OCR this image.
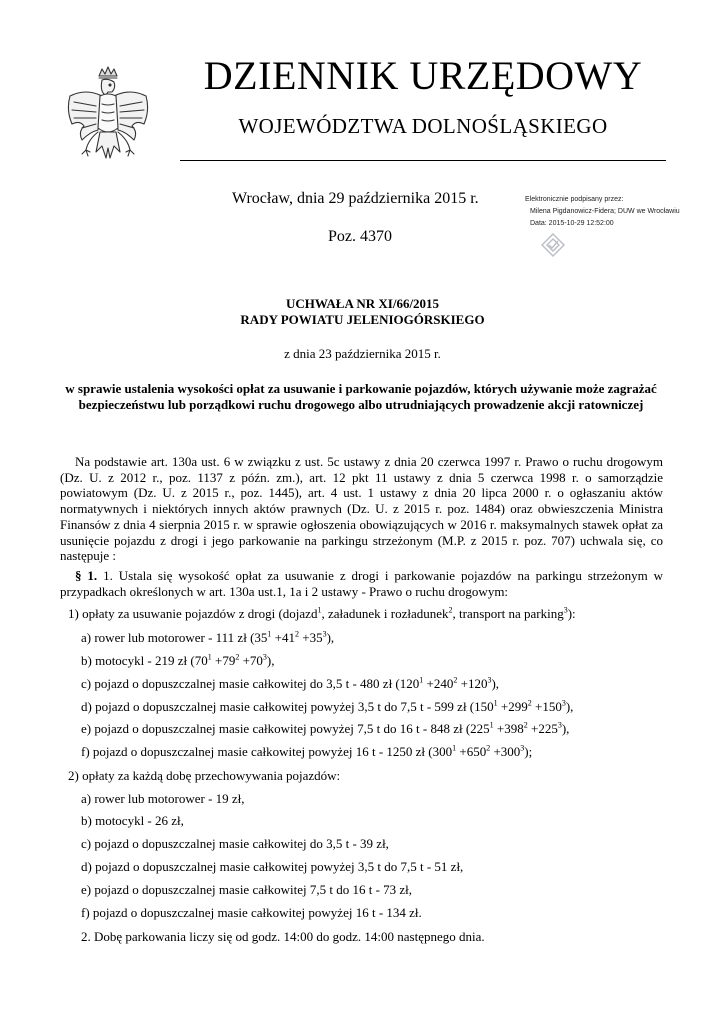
DZIENNIK URZĘDOWY
WOJEWÓDZTWA DOLNOŚLĄSKIEGO
Wrocław, dnia 29 października 2015 r.
Poz. 4370
Elektronicznie podpisany przez:
Milena Pigdanowicz-Fidera; DUW we Wrocławiu
Data: 2015-10-29 12:52:00
UCHWAŁA NR XI/66/2015
RADY POWIATU JELENIOGÓRSKIEGO
z dnia 23 października 2015 r.
w sprawie ustalenia wysokości opłat za usuwanie i parkowanie pojazdów, których używanie może zagrażać bezpieczeństwu lub porządkowi ruchu drogowego albo utrudniających prowadzenie akcji ratowniczej
Na podstawie art. 130a ust. 6 w związku z ust. 5c ustawy z dnia 20 czerwca 1997 r. Prawo o ruchu drogowym (Dz. U. z 2012 r., poz. 1137 z późn. zm.), art. 12 pkt 11 ustawy z dnia 5 czerwca 1998 r. o samorządzie powiatowym (Dz. U. z 2015 r., poz. 1445), art. 4 ust. 1 ustawy z dnia 20 lipca 2000 r. o ogłaszaniu aktów normatywnych i niektórych innych aktów prawnych (Dz. U. z 2015 r. poz. 1484) oraz obwieszczenia Ministra Finansów z dnia 4 sierpnia 2015 r. w sprawie ogłoszenia obowiązujących w 2016 r. maksymalnych stawek opłat za usunięcie pojazdu z drogi i jego parkowanie na parkingu strzeżonym (M.P. z 2015 r. poz. 707) uchwala się, co następuje :
§ 1. 1. Ustala się wysokość opłat za usuwanie z drogi i parkowanie pojazdów na parkingu strzeżonym w przypadkach określonych w art. 130a ust.1, 1a i 2 ustawy - Prawo o ruchu drogowym:
1) opłaty za usuwanie pojazdów z drogi (dojazd$^1$, załadunek i rozładunek$^2$, transport na parking$^3$):
a) rower lub motorower - 111 zł $(35^1 +41^2 +35^3)$,
b) motocykl - 219 zł $(70^1 +79^2 +70^3)$,
c) pojazd o dopuszczalnej masie całkowitej do 3,5 t - 480 zł $(120^1 +240^2 +120^3)$,
d) pojazd o dopuszczalnej masie całkowitej powyżej 3,5 t do 7,5 t - 599 zł $(150^1 +299^2 +150^3)$,
e) pojazd o dopuszczalnej masie całkowitej powyżej 7,5 t do 16 t - 848 zł $(225^1 +398^2 +225^3)$,
f) pojazd o dopuszczalnej masie całkowitej powyżej 16 t - 1250 zł $(300^1 +650^2 +300^3)$;
2) opłaty za każdą dobę przechowywania pojazdów:
a) rower lub motorower - 19 zł,
b) motocykl - 26 zł,
c) pojazd o dopuszczalnej masie całkowitej do 3,5 t - 39 zł,
d) pojazd o dopuszczalnej masie całkowitej powyżej 3,5 t do 7,5 t - 51 zł,
e) pojazd o dopuszczalnej masie całkowitej 7,5 t do 16 t - 73 zł,
f) pojazd o dopuszczalnej masie całkowitej powyżej 16 t - 134 zł.
2. Dobę parkowania liczy się od godz. 14:00 do godz. 14:00 następnego dnia.
